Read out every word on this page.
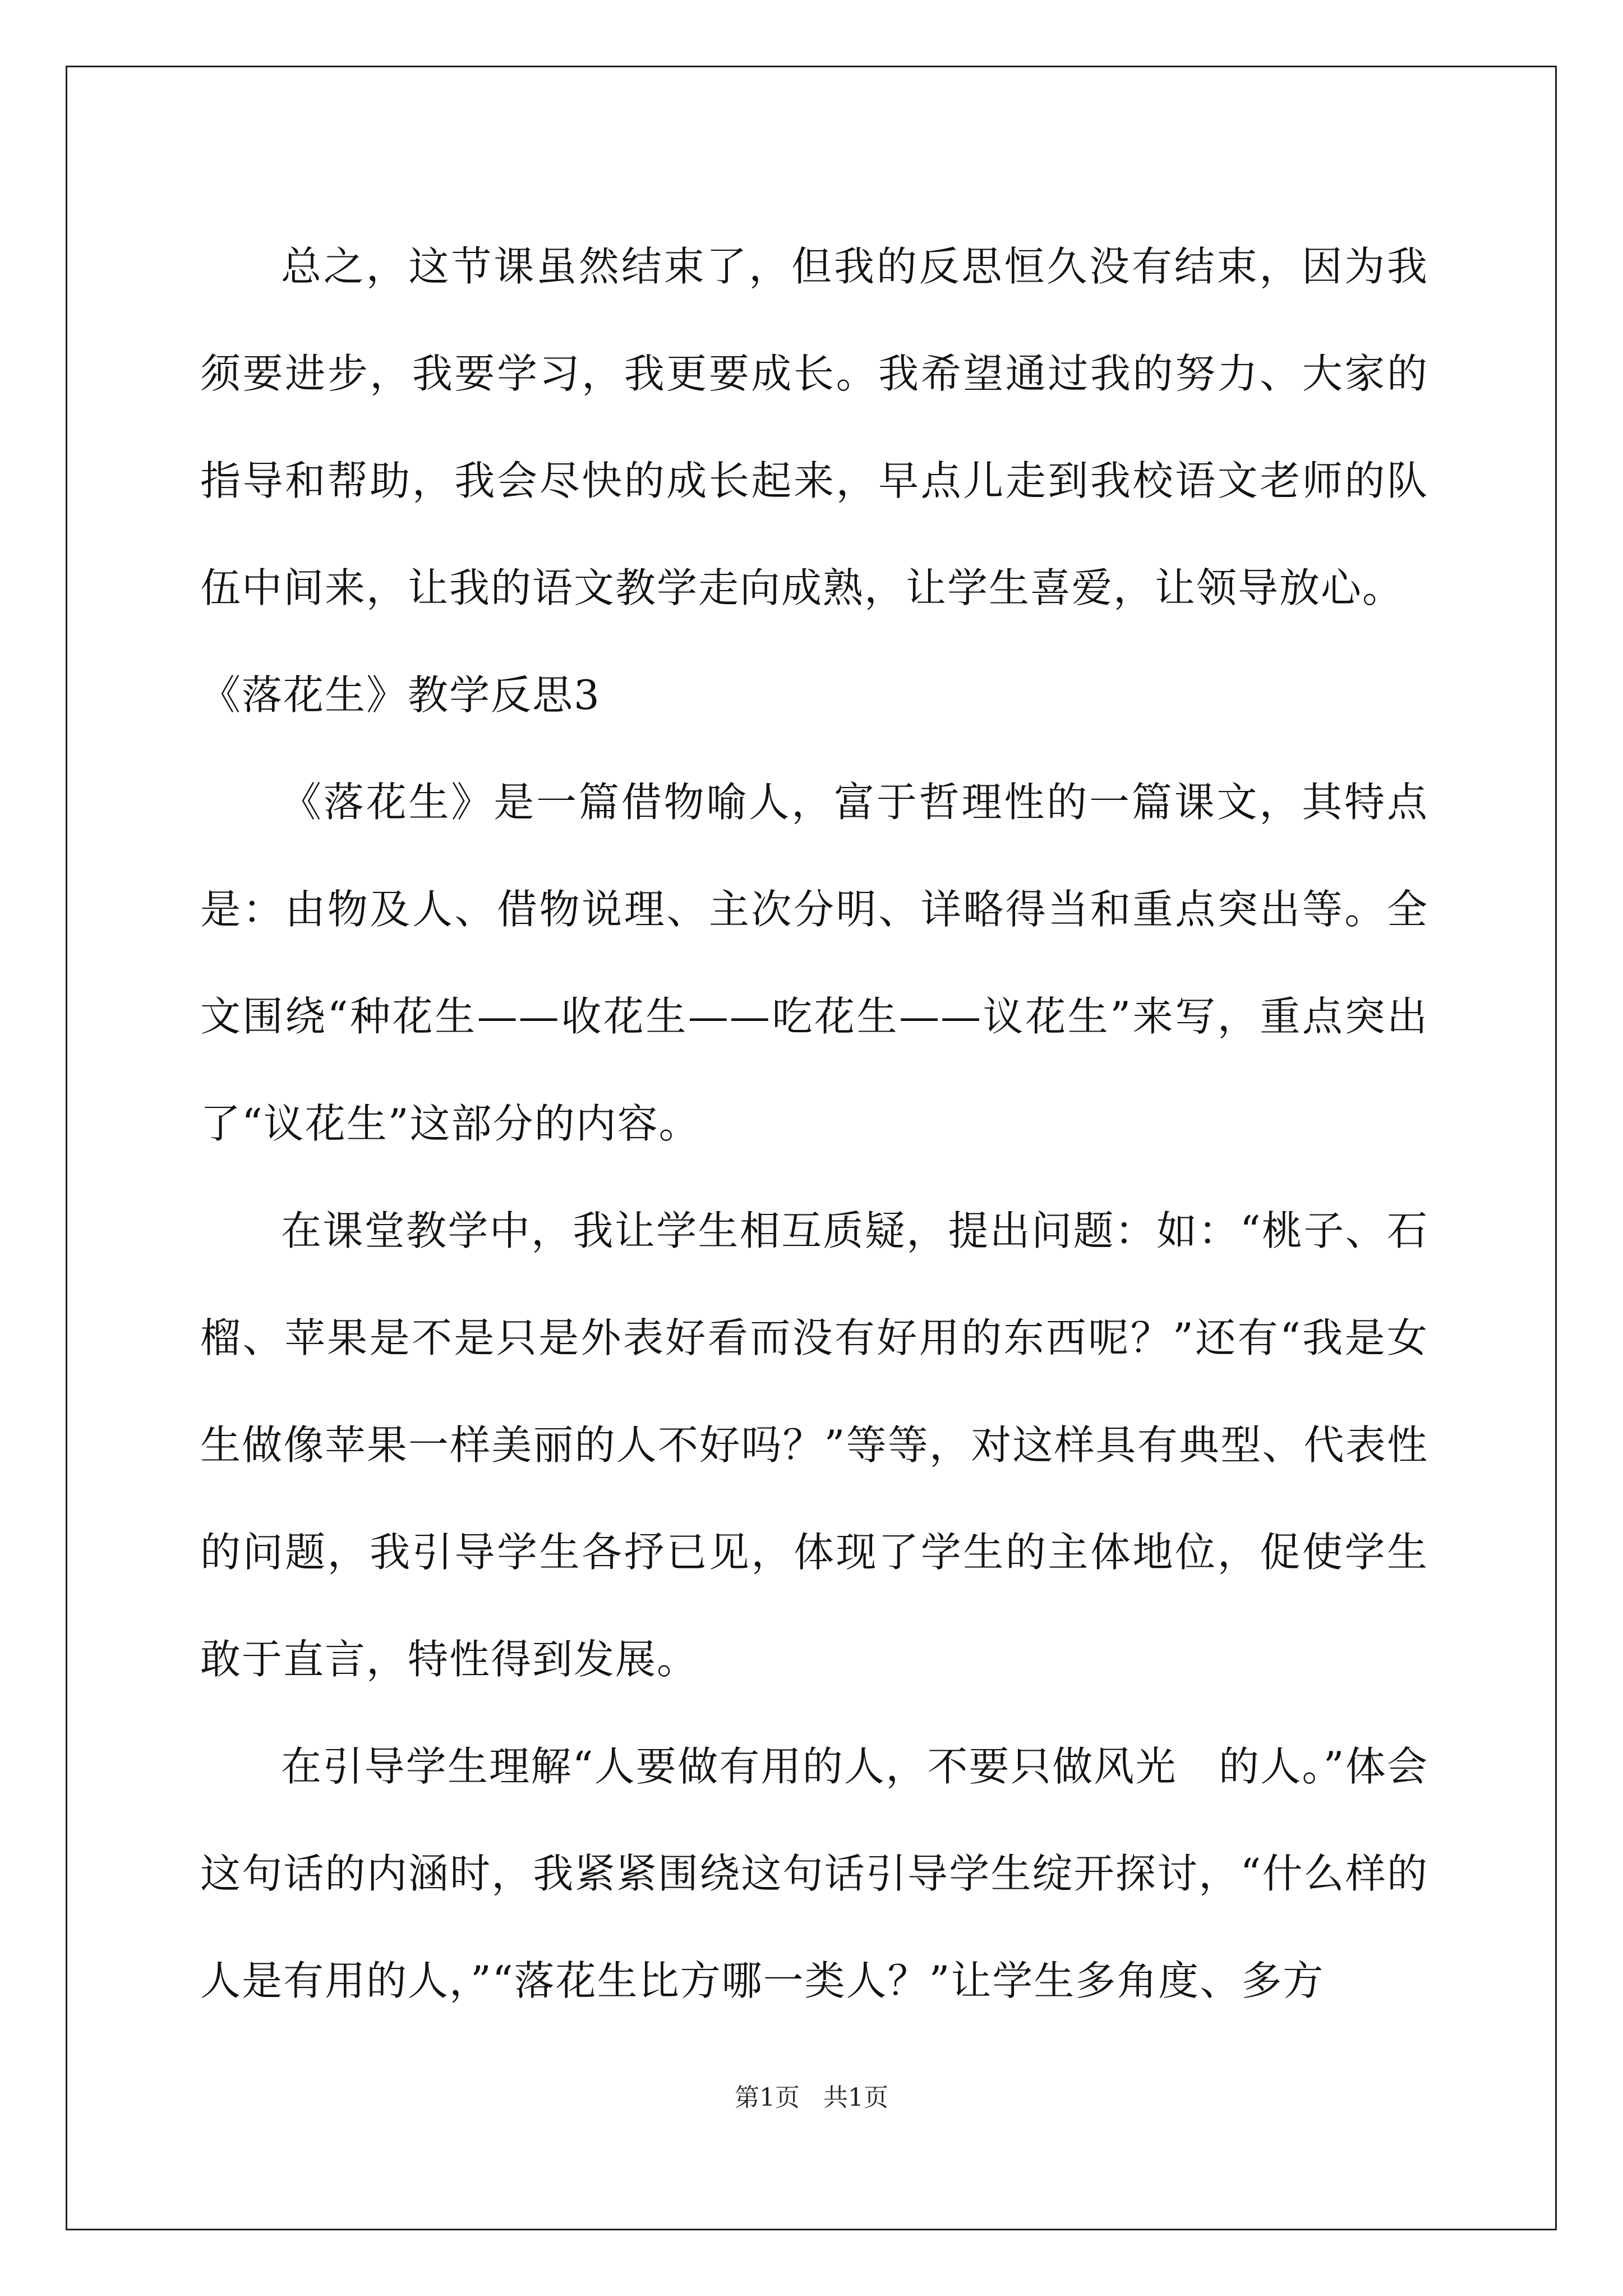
总之，这节课虽然结束了，但我的反思恒久没有结束，因为我须要进步，我要学习，我更要成长。我希望通过我的努力、大家的指导和帮助，我会尽快的成长起来，早点儿走到我校语文老师的队伍中间来，让我的语文教学走向成熟，让学生喜爱，让领导放心。

《落花生》教学反思3

《落花生》是一篇借物喻人，富于哲理性的一篇课文，其特点是：由物及人、借物说理、主次分明、详略得当和重点突出等。全文围绕“种花生——收花生——吃花生——议花生”来写，重点突出了“议花生”这部分的内容。

在课堂教学中，我让学生相互质疑，提出问题：如：“桃子、石榴、苹果是不是只是外表好看而没有好用的东西呢？”还有“我是女生做像苹果一样美丽的人不好吗？”等等，对这样具有典型、代表性的问题，我引导学生各抒已见，体现了学生的主体地位，促使学生敢于直言，特性得到发展。

在引导学生理解“人要做有用的人，不要只做风光　的人。”体会这句话的内涵时，我紧紧围绕这句话引导学生绽开探讨，“什么样的人是有用的人，”“落花生比方哪一类人？”让学生多角度、多方

第1页 共1页
